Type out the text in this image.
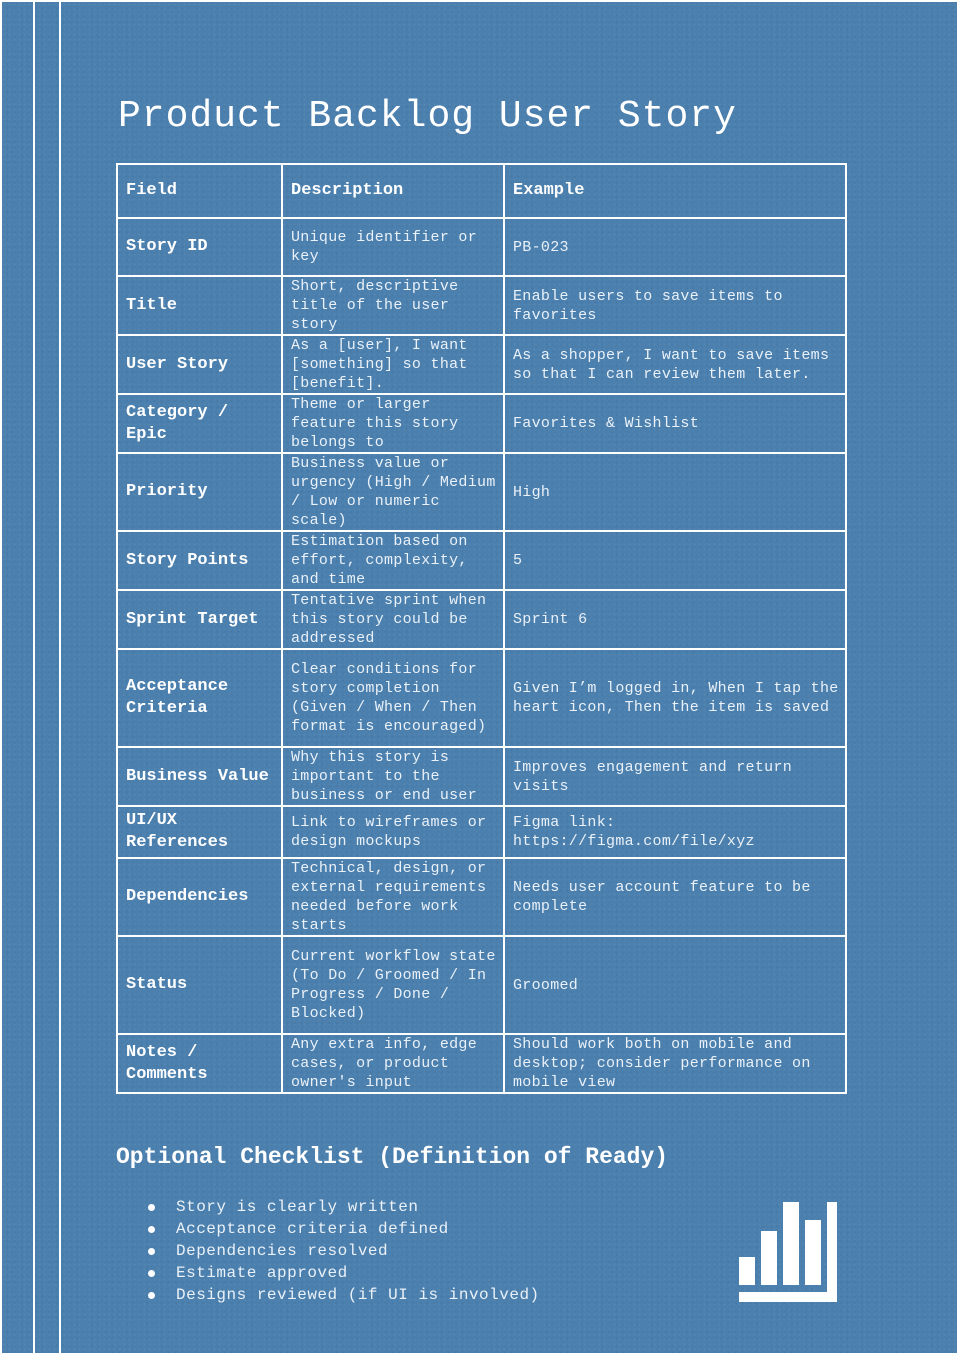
Product Backlog User Story
Field	Description	Example
Story ID	Unique identifier or key	PB-023
Title	Short, descriptive title of the user story	Enable users to save items to favorites
User Story	As a [user], I want [something] so that [benefit].	As a shopper, I want to save items so that I can review them later.
Category / Epic	Theme or larger feature this story belongs to	Favorites & Wishlist
Priority	Business value or urgency (High / Medium / Low or numeric scale)	High
Story Points	Estimation based on effort, complexity, and time	5
Sprint Target	Tentative sprint when this story could be addressed	Sprint 6
Acceptance Criteria	Clear conditions for story completion (Given / When / Then format is encouraged)	Given I’m logged in, When I tap the heart icon, Then the item is saved
Business Value	Why this story is important to the business or end user	Improves engagement and return visits
UI/UX References	Link to wireframes or design mockups	Figma link: https://figma.com/file/xyz
Dependencies	Technical, design, or external requirements needed before work starts	Needs user account feature to be complete
Status	Current workflow state (To Do / Groomed / In Progress / Done / Blocked)	Groomed
Notes / Comments	Any extra info, edge cases, or product owner's input	Should work both on mobile and desktop; consider performance on mobile view
Optional Checklist (Definition of Ready)
Story is clearly written
Acceptance criteria defined
Dependencies resolved
Estimate approved
Designs reviewed (if UI is involved)
